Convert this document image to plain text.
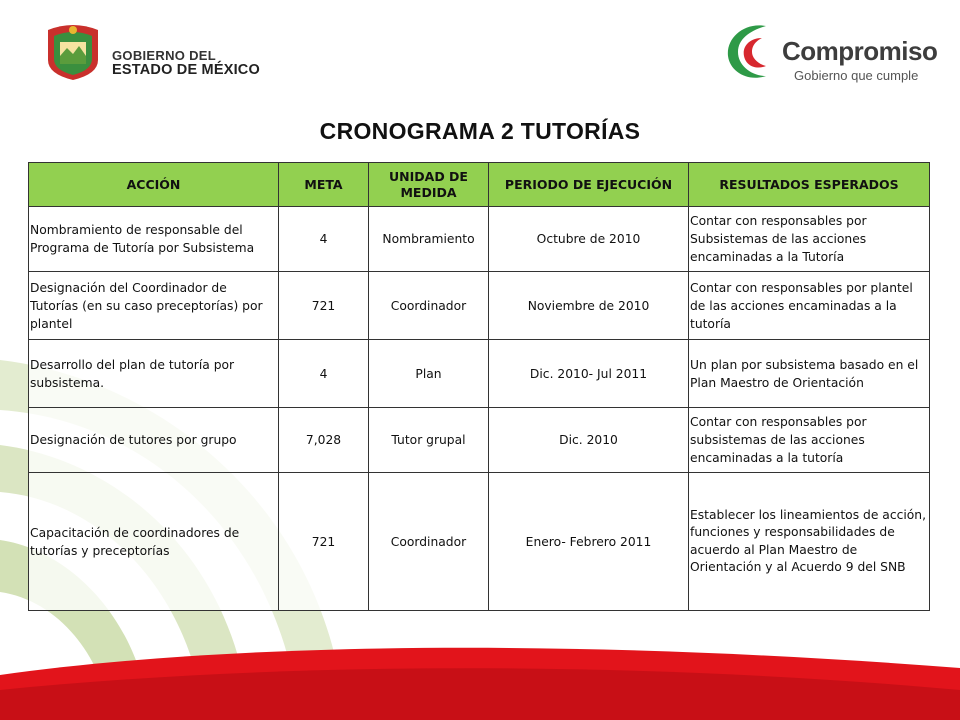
GOBIERNO DEL
ESTADO DE MÉXICO
Compromiso
Gobierno que cumple
CRONOGRAMA 2 TUTORÍAS
ACCIÓN	META	UNIDAD DE MEDIDA	PERIODO DE EJECUCIÓN	RESULTADOS ESPERADOS
Nombramiento de responsable del Programa de Tutoría por Subsistema	4	Nombramiento	Octubre de 2010	Contar con responsables por Subsistemas de las acciones encaminadas a la Tutoría
Designación del Coordinador de Tutorías (en su caso preceptorías) por plantel	721	Coordinador	Noviembre de 2010	Contar con responsables por plantel de las acciones encaminadas a la tutoría
Desarrollo del plan de tutoría por subsistema.	4	Plan	Dic. 2010- Jul 2011	Un plan por subsistema basado en el Plan Maestro de Orientación
Designación de tutores por grupo	7,028	Tutor grupal	Dic. 2010	Contar con responsables por subsistemas de las acciones encaminadas a la tutoría
Capacitación de coordinadores de tutorías y preceptorías	721	Coordinador	Enero- Febrero 2011	Establecer los lineamientos de acción, funciones y responsabilidades de acuerdo al Plan Maestro de Orientación y al Acuerdo 9 del SNB
